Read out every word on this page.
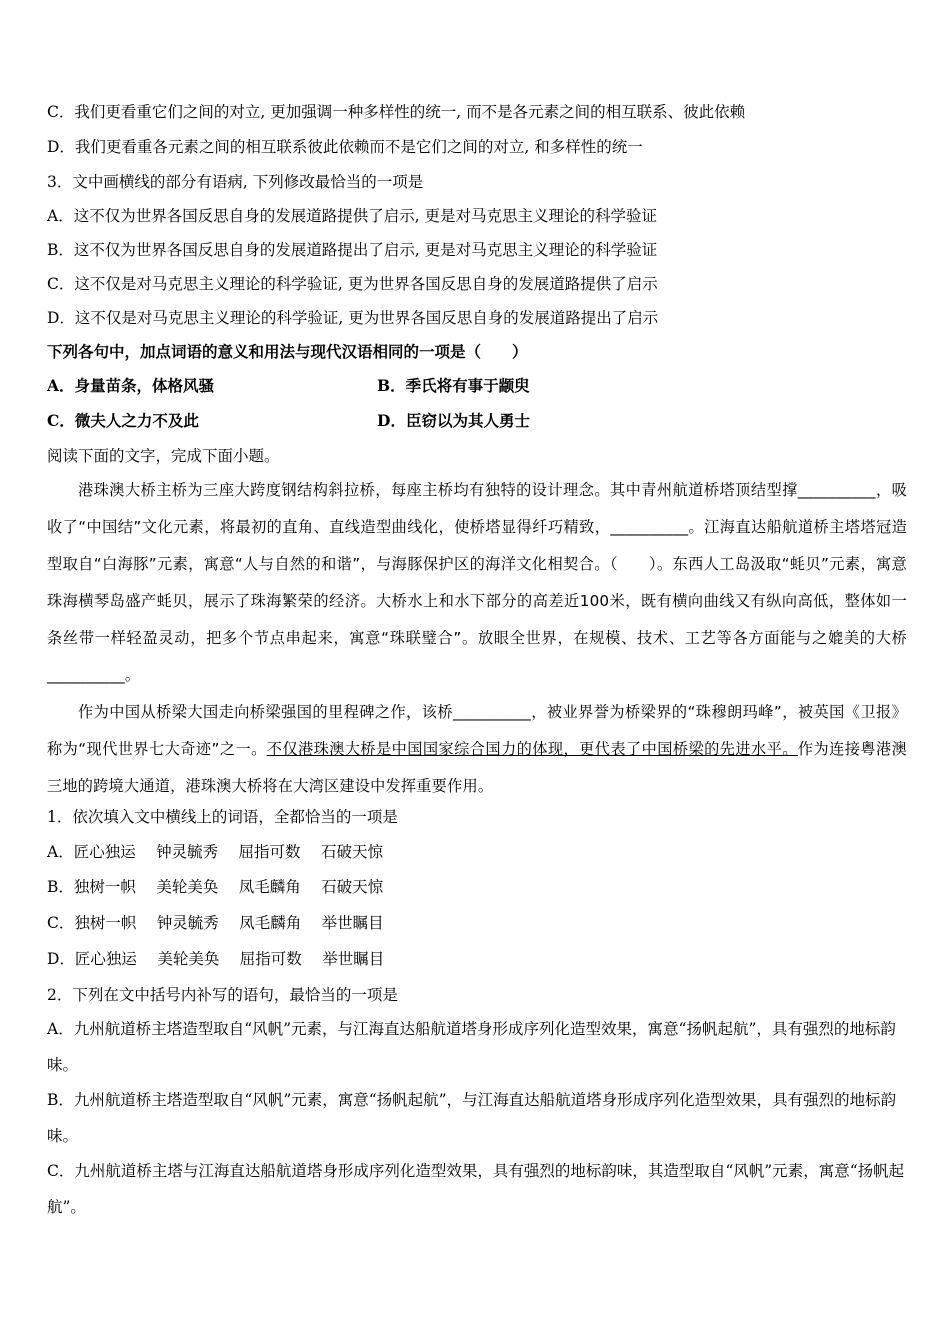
C．我们更看重它们之间的对立, 更加强调一种多样性的统一, 而不是各元素之间的相互联系、彼此依赖
D．我们更看重各元素之间的相互联系彼此依赖而不是它们之间的对立, 和多样性的统一
3．文中画横线的部分有语病, 下列修改最恰当的一项是
A．这不仅为世界各国反思自身的发展道路提供了启示, 更是对马克思主义理论的科学验证
B．这不仅为世界各国反思自身的发展道路提出了启示, 更是对马克思主义理论的科学验证
C．这不仅是对马克思主义理论的科学验证, 更为世界各国反思自身的发展道路提供了启示
D．这不仅是对马克思主义理论的科学验证, 更为世界各国反思自身的发展道路提出了启示
下列各句中，加点词语的意义和用法与现代汉语相同的一项是（　　）
A．身量苗条，体格风骚	B．季氏将有事于颛臾
C．微夫人之力不及此	D．臣窃以为其人勇士
阅读下面的文字，完成下面小题。

港珠澳大桥主桥为三座大跨度钢结构斜拉桥，每座主桥均有独特的设计理念。其中青州航道桥塔顶结型撑__________，吸收了“中国结”文化元素，将最初的直角、直线造型曲线化，使桥塔显得纤巧精致，__________。江海直达船航道桥主塔塔冠造型取自“白海豚”元素，寓意“人与自然的和谐”，与海豚保护区的海洋文化相契合。（　　）。东西人工岛汲取“蚝贝”元素，寓意珠海横琴岛盛产蚝贝，展示了珠海繁荣的经济。大桥水上和水下部分的高差近100米，既有横向曲线又有纵向高低，整体如一条丝带一样轻盈灵动，把多个节点串起来，寓意“珠联璧合”。放眼全世界，在规模、技术、工艺等各方面能与之媲美的大桥__________。

作为中国从桥梁大国走向桥梁强国的里程碑之作，该桥__________，被业界誉为桥梁界的“珠穆朗玛峰”，被英国《卫报》称为“现代世界七大奇迹”之一。不仅港珠澳大桥是中国国家综合国力的体现，更代表了中国桥梁的先进水平。作为连接粤港澳三地的跨境大通道，港珠澳大桥将在大湾区建设中发挥重要作用。

1．依次填入文中横线上的词语，全都恰当的一项是
A．匠心独运　 钟灵毓秀　 屈指可数　 石破天惊
B．独树一帜　 美轮美奂　 凤毛麟角　 石破天惊
C．独树一帜　 钟灵毓秀　 凤毛麟角　 举世瞩目
D．匠心独运　 美轮美奂　 屈指可数　 举世瞩目
2．下列在文中括号内补写的语句，最恰当的一项是
A．九州航道桥主塔造型取自“风帆”元素，与江海直达船航道塔身形成序列化造型效果，寓意“扬帆起航”，具有强烈的地标韵味。
B．九州航道桥主塔造型取自“风帆”元素，寓意“扬帆起航”，与江海直达船航道塔身形成序列化造型效果，具有强烈的地标韵味。
C．九州航道桥主塔与江海直达船航道塔身形成序列化造型效果，具有强烈的地标韵味，其造型取自“风帆”元素，寓意“扬帆起航”。
